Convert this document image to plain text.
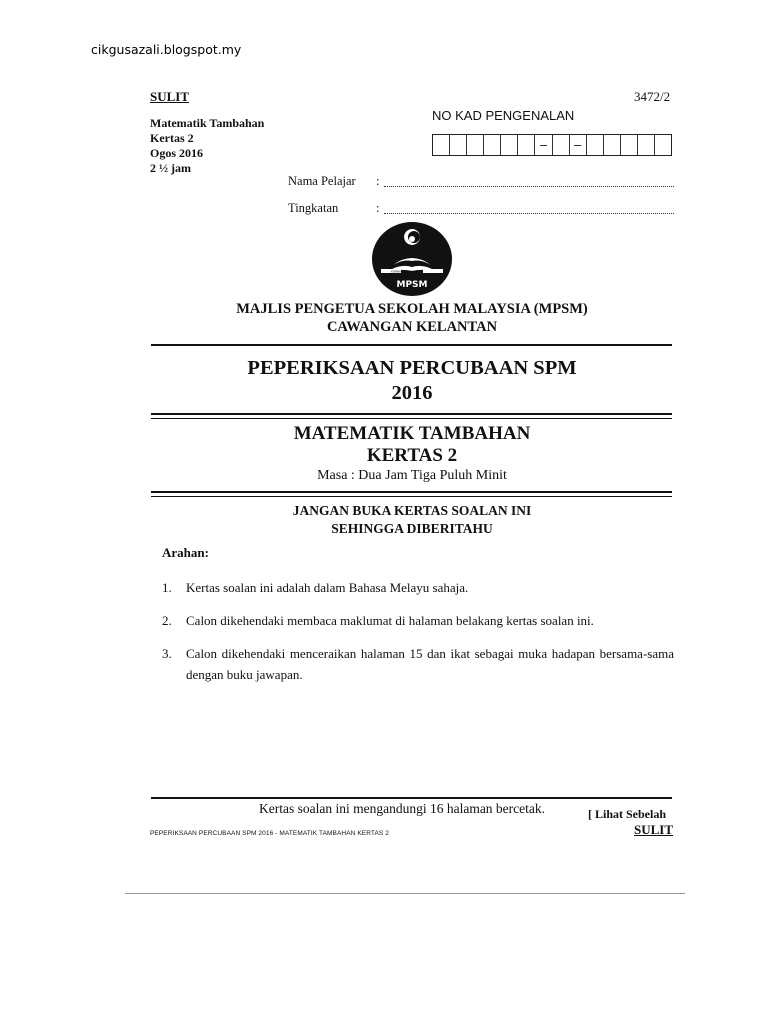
cikgusazali.blogspot.my
SULIT	3472/2
Matematik Tambahan
Kertas 2
Ogos 2016
2 ½ jam
NO KAD PENGENALAN
–	–
Nama Pelajar :
Tingkatan	:
KEMBARAN SEKOLAH
MPSM
MAJLIS PENGETUA SEKOLAH MALAYSIA (MPSM)
CAWANGAN KELANTAN
PEPERIKSAAN PERCUBAAN SPM
2016
MATEMATIK TAMBAHAN
KERTAS 2
Masa : Dua Jam Tiga Puluh Minit
JANGAN BUKA KERTAS SOALAN INI
SEHINGGA DIBERITAHU
Arahan:
1. Kertas soalan ini adalah dalam Bahasa Melayu sahaja.
2. Calon dikehendaki membaca maklumat di halaman belakang kertas soalan ini.
3. Calon dikehendaki menceraikan halaman 15 dan ikat sebagai muka hadapan bersama-sama dengan buku jawapan.
Kertas soalan ini mengandungi 16 halaman bercetak.	[ Lihat Sebelah
SULIT
PEPERIKSAAN PERCUBAAN SPM 2016 - MATEMATIK TAMBAHAN KERTAS 2
